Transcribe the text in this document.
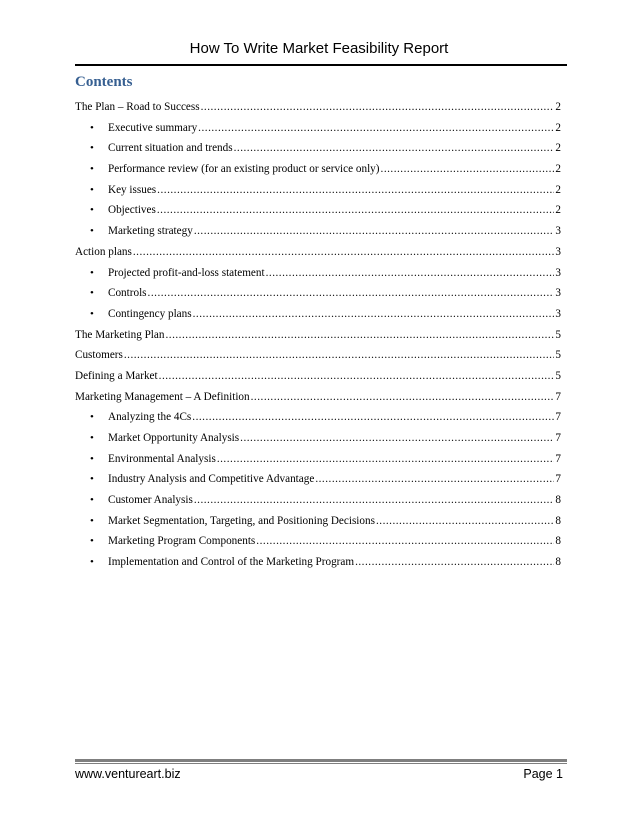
How To Write Market Feasibility Report
Contents
The Plan – Road to Success .....	2
•	Executive summary .....	2
•	Current situation and trends .....	2
•	Performance review (for an existing product or service only) .....	2
•	Key issues .....	2
•	Objectives .....	2
•	Marketing strategy .....	3
Action plans .....	3
•	Projected profit-and-loss statement .....	3
•	Controls .....	3
•	Contingency plans .....	3
The Marketing Plan .....	5
Customers .....	5
Defining a Market .....	5
Marketing Management – A Definition .....	7
•	Analyzing the 4Cs .....	7
•	Market Opportunity Analysis .....	7
•	Environmental Analysis .....	7
•	Industry Analysis and Competitive Advantage .....	7
•	Customer Analysis .....	8
•	Market Segmentation, Targeting, and Positioning Decisions .....	8
•	Marketing Program Components .....	8
•	Implementation and Control of the Marketing Program .....	8
www.ventureart.biz	Page 1
